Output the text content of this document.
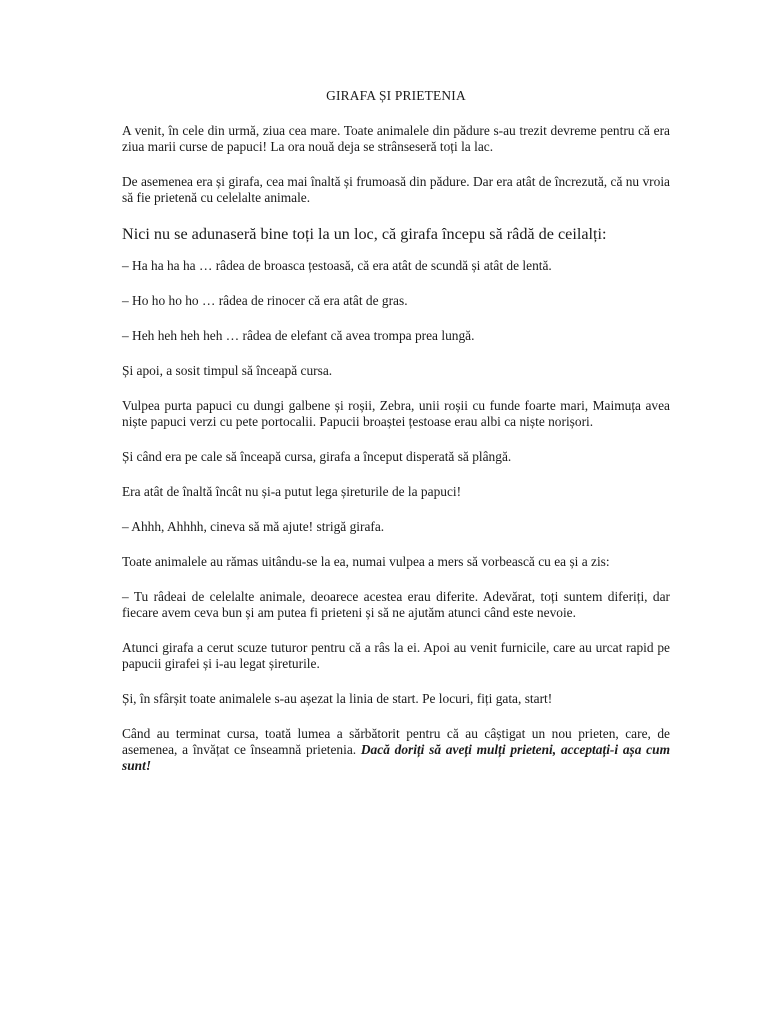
GIRAFA ȘI PRIETENIA

A venit, în cele din urmă, ziua cea mare. Toate animalele din pădure s-au trezit devreme pentru că era ziua marii curse de papuci! La ora nouă deja se strânseseră toți la lac.

De asemenea era și girafa, cea mai înaltă și frumoasă din pădure. Dar era atât de încrezută, că nu vroia să fie prietenă cu celelalte animale.

Nici nu se adunaseră bine toți la un loc, că girafa începu să râdă de ceilalți:

– Ha ha ha ha … râdea de broasca țestoasă, că era atât de scundă și atât de lentă.

– Ho ho ho ho … râdea de rinocer că era atât de gras.

– Heh heh heh heh … râdea de elefant că avea trompa prea lungă.

Și apoi, a sosit timpul să înceapă cursa.

Vulpea purta papuci cu dungi galbene și roșii, Zebra, unii roșii cu funde foarte mari, Maimuța avea niște papuci verzi cu pete portocalii. Papucii broaștei țestoase erau albi ca niște norișori.

Și când era pe cale să înceapă cursa, girafa a început disperată să plângă.

Era atât de înaltă încât nu și-a putut lega șireturile de la papuci!

– Ahhh, Ahhhh, cineva să mă ajute! strigă girafa.

Toate animalele au rămas uitându-se la ea, numai vulpea a mers să vorbească cu ea și a zis:

– Tu râdeai de celelalte animale, deoarece acestea erau diferite. Adevărat, toți suntem diferiți, dar fiecare avem ceva bun și am putea fi prieteni și să ne ajutăm atunci când este nevoie.

Atunci girafa a cerut scuze tuturor pentru că a râs la ei. Apoi au venit furnicile, care au urcat rapid pe papucii girafei și i-au legat șireturile.

Și, în sfârșit toate animalele s-au așezat la linia de start. Pe locuri, fiți gata, start!

Când au terminat cursa, toată lumea a sărbătorit pentru că au câștigat un nou prieten, care, de asemenea, a învățat ce înseamnă prietenia. Dacă doriți să aveți mulți prieteni, acceptați-i așa cum sunt!
